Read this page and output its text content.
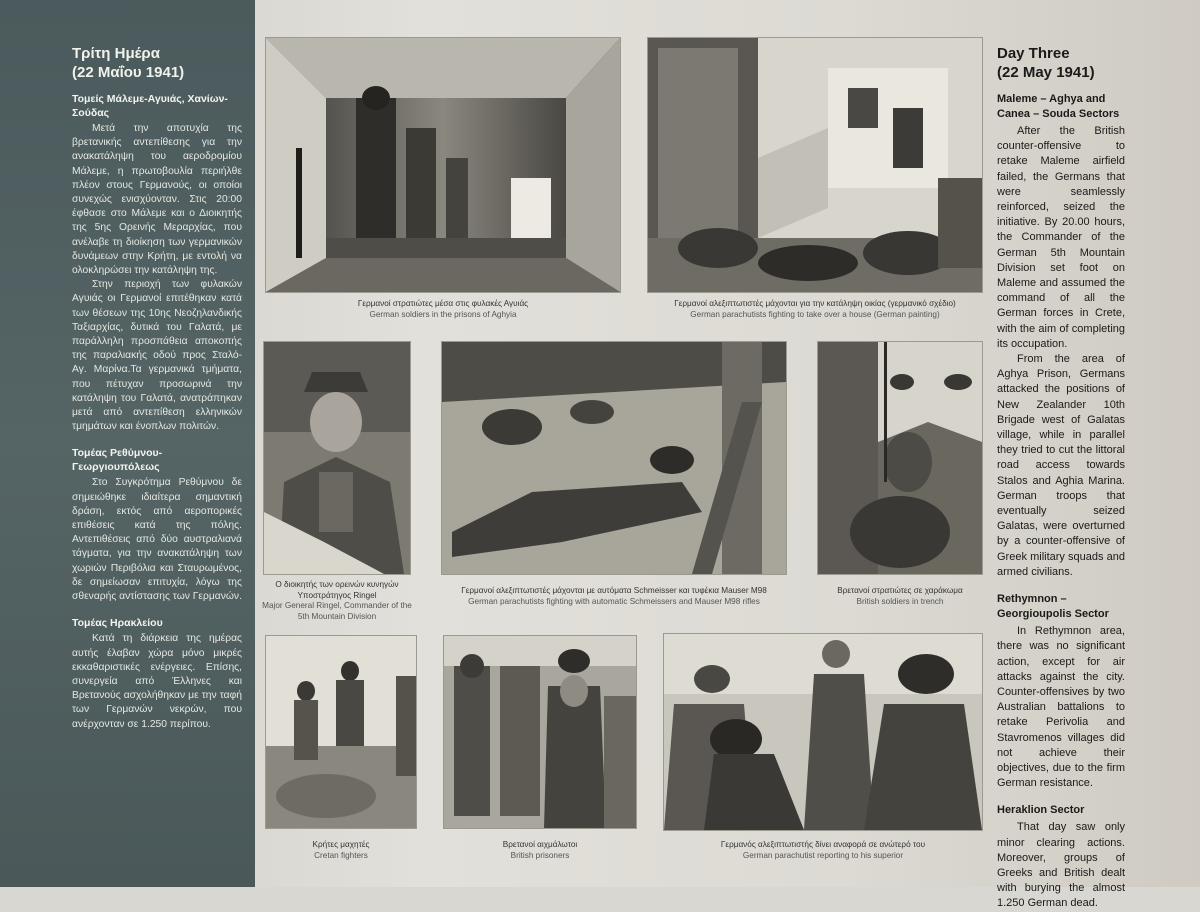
Τρίτη Ημέρα
(22 Μαΐου 1941)
Τομείς Μάλεμε-Αγυιάς, Χανίων-Σούδας

Μετά την αποτυχία της βρετανικής αντεπίθεσης για την ανακατάληψη του αεροδρομίου Μάλεμε, η πρωτοβουλία περιήλθε πλέον στους Γερμανούς, οι οποίοι συνεχώς ενισχύονταν. Στις 20:00 έφθασε στο Μάλεμε και ο Διοικητής της 5ης Ορεινής Μεραρχίας, που ανέλαβε τη διοίκηση των γερμανικών δυνάμεων στην Κρήτη, με εντολή να ολοκληρώσει την κατάληψη της.

Στην περιοχή των φυλακών Αγυιάς οι Γερμανοί επιτέθηκαν κατά των θέσεων της 10ης Νεοζηλανδικής Ταξιαρχίας, δυτικά του Γαλατά, με παράλληλη προσπάθεια αποκοπής της παραλιακής οδού προς Σταλό-Αγ. Μαρίνα.Τα γερμανικά τμήματα, που πέτυχαν προσωρινά την κατάληψη του Γαλατά, ανατράπηκαν μετά από αντεπίθεση ελληνικών τμημάτων και ένοπλων πολιτών.

Τομέας Ρεθύμνου-Γεωργιουπόλεως

Στο Συγκρότημα Ρεθύμνου δε σημειώθηκε ιδιαίτερα σημαντική δράση, εκτός από αεροπορικές επιθέσεις κατά της πόλης. Αντεπιθέσεις από δύο αυστραλιανά τάγματα, για την ανακατάληψη των χωριών Περιβόλια και Σταυρωμένος, δε σημείωσαν επιτυχία, λόγω της σθεναρής αντίστασης των Γερμανών.

Τομέας Ηρακλείου

Κατά τη διάρκεια της ημέρας αυτής έλαβαν χώρα μόνο μικρές εκκαθαριστικές ενέργειες. Επίσης, συνεργεία από Έλληνες και Βρετανούς ασχολήθηκαν με την ταφή των Γερμανών νεκρών, που ανέρχονταν σε 1.250 περίπου.

Γερμανοί στρατιώτες μέσα στις φυλακές Αγυιάς
German soldiers in the prisons of Aghyia
Γερμανοί αλεξιπτωτιστές μάχονται για την κατάληψη οικίας (γερμανικό σχέδιο)
German parachutists fighting to take over a house (German painting)
Ο διοικητής των ορεινών κυνηγών Υποστράτηγος Ringel
Major General Ringel, Commander of the 5th Mountain Division
Γερμανοί αλεξιπτωτιστές μάχονται με αυτόματα Schmeisser και τυφέκια Mauser M98
German parachutists fighting with automatic Schmeissers and Mauser M98 rifles
Βρετανοί στρατιώτες σε χαράκωμα
British soldiers in trench
Κρήτες μαχητές
Cretan fighters
Βρετανοί αιχμάλωτοι
British prisoners
Γερμανός αλεξιπτωτιστής δίνει αναφορά σε ανώτερό του
German parachutist reporting to his superior
Day Three
(22 May 1941)
Maleme – Aghya and Canea – Souda Sectors

After the British counter-offensive to retake Maleme airfield failed, the Germans that were seamlessly reinforced, seized the initiative. By 20.00 hours, the Commander of the German 5th Mountain Division set foot on Maleme and assumed the command of all the German forces in Crete, with the aim of completing its occupation.

From the area of Aghya Prison, Germans attacked the positions of New Zealander 10th Brigade west of Galatas village, while in parallel they tried to cut the littoral road access towards Stalos and Aghia Marina. German troops that eventually seized Galatas, were overturned by a counter-offensive of Greek military squads and armed civilians.

Rethymnon – Georgioupolis Sector

In Rethymnon area, there was no significant action, except for air attacks against the city. Counter-offensives by two Australian battalions to retake Perivolia and Stavromenos villages did not achieve their objectives, due to the firm German resistance.

Heraklion Sector

That day saw only minor clearing actions. Moreover, groups of Greeks and British dealt with burying the almost 1.250 German dead.
